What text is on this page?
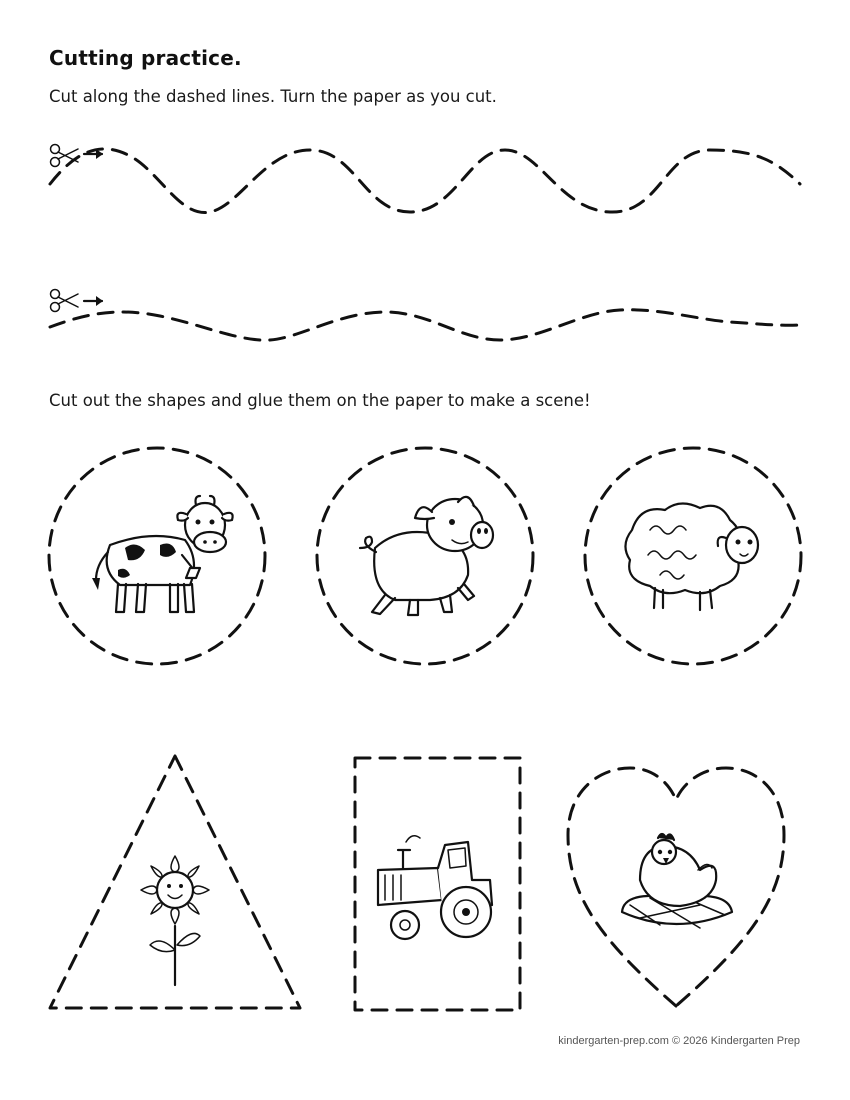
Cutting practice.
Cut along the dashed lines. Turn the paper as you cut.
Cut out the shapes and glue them on the paper to make a scene!
kindergarten-prep.com © 2026 Kindergarten Prep
